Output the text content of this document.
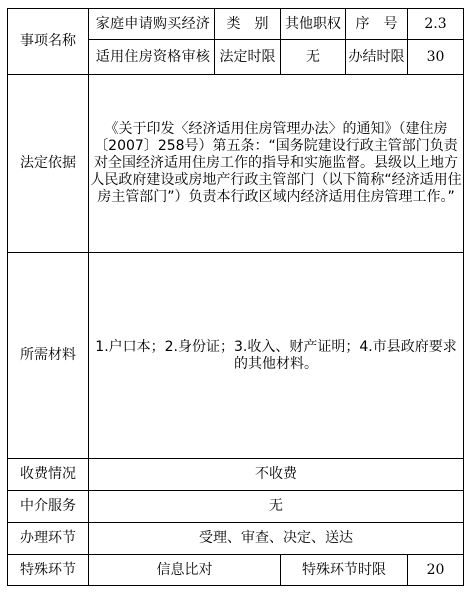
事项名称	家庭申请购买经济	类　别	其他职权	序　号	2.3
	适用住房资格审核	法定时限	无	办结时限	30
法定依据	《关于印发〈经济适用住房管理办法〉的通知》（建住房〔2007〕258号）第五条：“国务院建设行政主管部门负责对全国经济适用住房工作的指导和实施监督。县级以上地方人民政府建设或房地产行政主管部门（以下简称“经济适用住房主管部门”）负责本行政区域内经济适用住房管理工作。”				
所需材料	1.户口本；2.身份证；3.收入、财产证明；4.市县政府要求的其他材料。				
收费情况	不收费				
中介服务	无				
办理环节	受理、审查、决定、送达				
特殊环节	信息比对		特殊环节时限		20
